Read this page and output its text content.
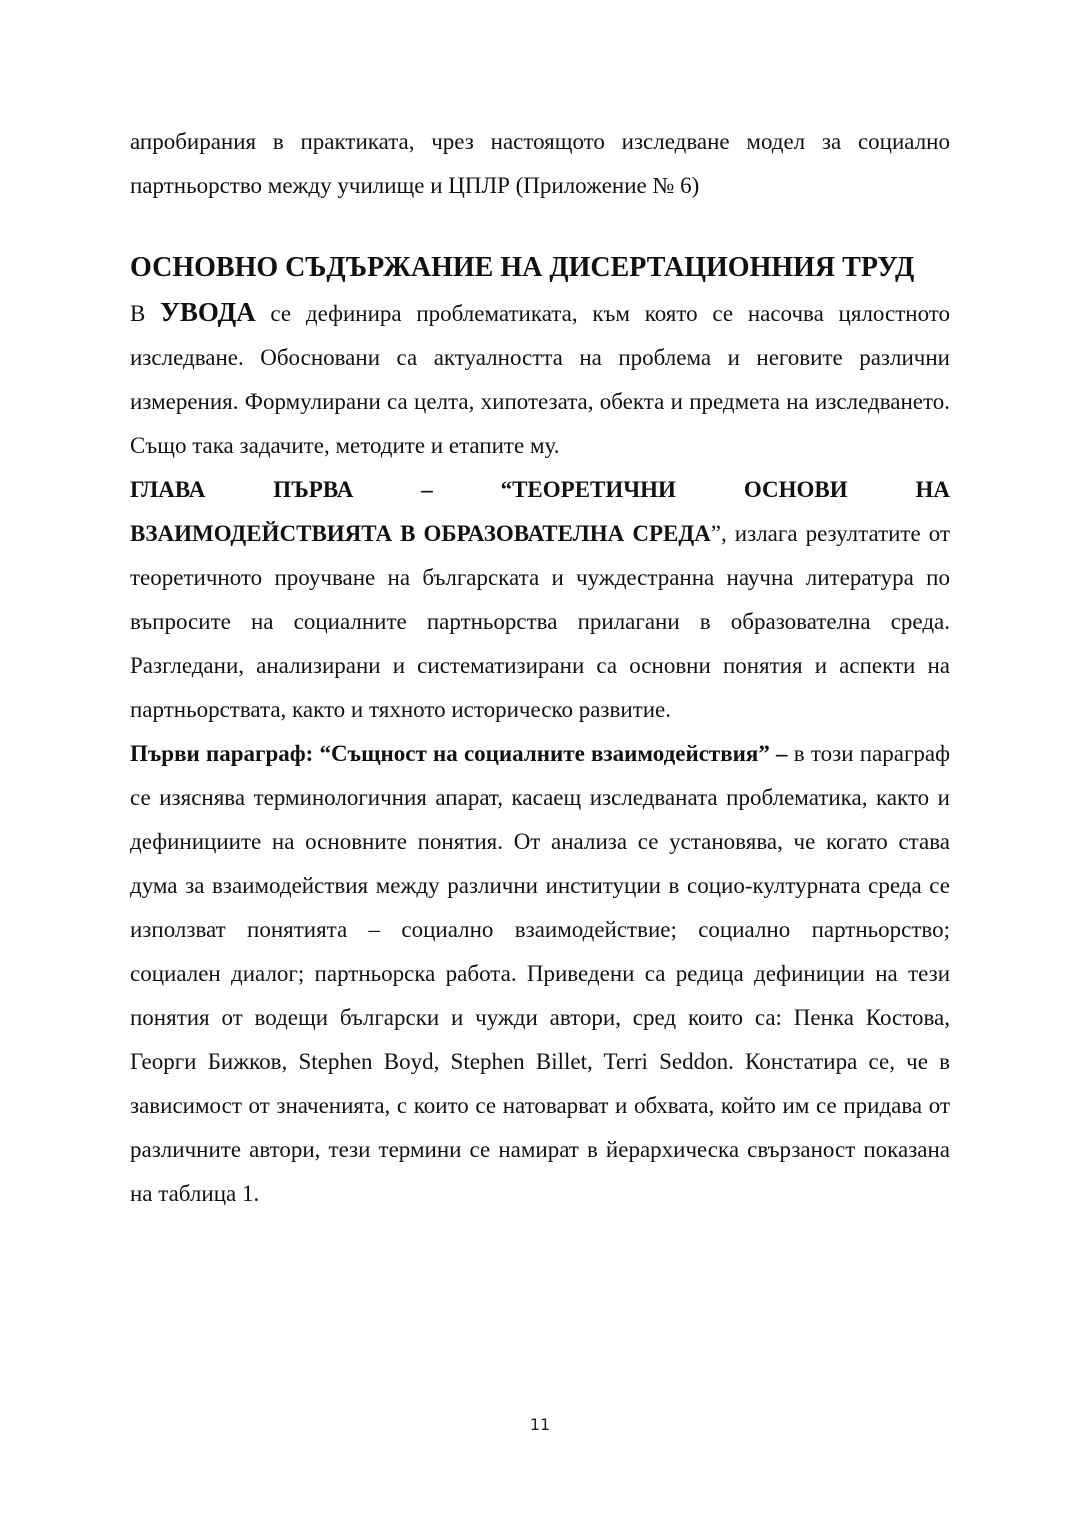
апробирания в практиката, чрез настоящото изследване модел за социално партньорство между училище и ЦПЛР (Приложение № 6)

ОСНОВНО СЪДЪРЖАНИЕ НА ДИСЕРТАЦИОННИЯ ТРУД

В УВОДА се дефинира проблематиката, към която се насочва цялостното изследване. Обосновани са актуалността на проблема и неговите различни измерения. Формулирани са целта, хипотезата, обекта и предмета на изследването. Също така задачите, методите и етапите му.

ГЛАВА ПЪРВА – “ТЕОРЕТИЧНИ ОСНОВИ НА

ВЗАИМОДЕЙСТВИЯТА В ОБРАЗОВАТЕЛНА СРЕДА”, излага резултатите от теоретичното проучване на българската и чуждестранна научна литература по въпросите на социалните партньорства прилагани в образователна среда. Разгледани, анализирани и систематизирани са основни понятия и аспекти на партньорствата, както и тяхното историческо развитие.

Първи параграф: “Същност на социалните взаимодействия” – в този параграф се изяснява терминологичния апарат, касаещ изследваната проблематика, както и дефинициите на основните понятия. От анализа се установява, че когато става дума за взаимодействия между различни институции в социо-културната среда се използват понятията – социално взаимодействие; социално партньорство; социален диалог; партньорска работа. Приведени са редица дефиниции на тези понятия от водещи български и чужди автори, сред които са: Пенка Костова, Георги Бижков, Stephen Boyd, Stephen Billet, Terri Seddon. Констатира се, че в зависимост от значенията, с които се натоварват и обхвата, който им се придава от различните автори, тези термини се намират в йерархическа свързаност показана на таблица 1.

11
